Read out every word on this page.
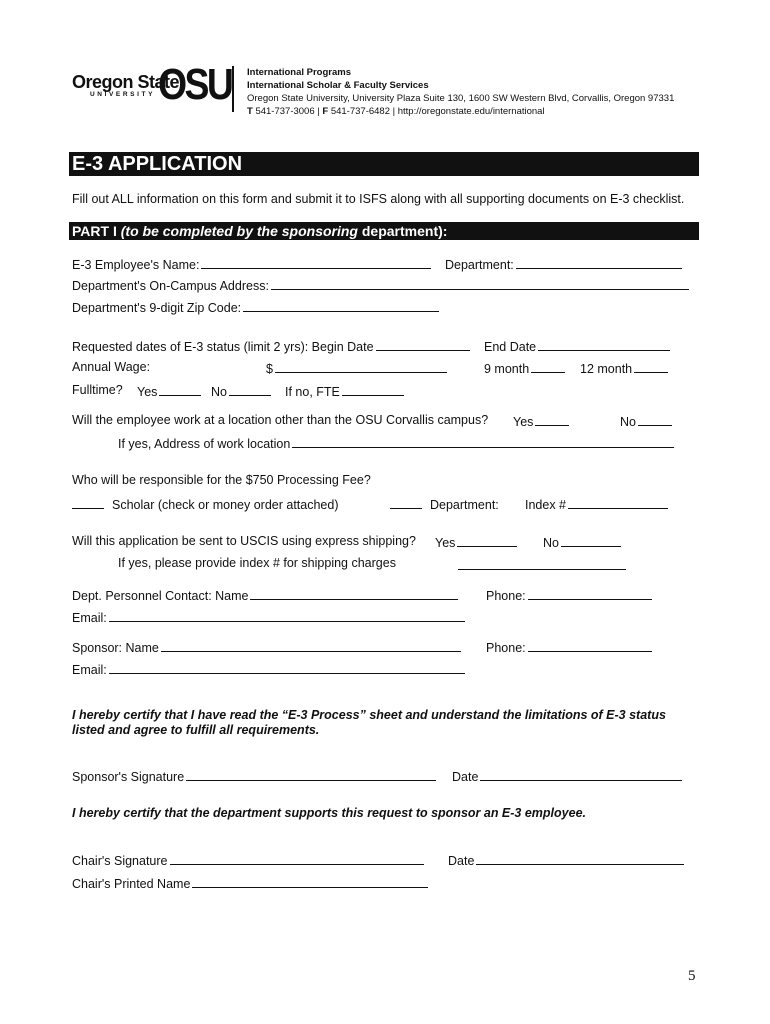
Oregon State
UNIVERSITY OSU International Programs
International Scholar & Faculty Services
Oregon State University, University Plaza Suite 130, 1600 SW Western Blvd, Corvallis, Oregon 97331
T 541-737-3006 | F 541-737-6482 | http://oregonstate.edu/international
E-3 APPLICATION
Fill out ALL information on this form and submit it to ISFS along with all supporting documents on E-3 checklist.
PART I (to be completed by the sponsoring department):
E-3 Employee's Name:	Department:
Department's On-Campus Address:
Department's 9-digit Zip Code:
Requested dates of E-3 status (limit 2 yrs): Begin Date	End Date
Annual Wage:	$	9 month	12 month
Fulltime? Yes	No	If no, FTE
Will the employee work at a location other than the OSU Corvallis campus? Yes	No
If yes, Address of work location
Who will be responsible for the $750 Processing Fee?
Scholar (check or money order attached)	Department: Index #
Will this application be sent to USCIS using express shipping? Yes	No
If yes, please provide index # for shipping charges
Dept. Personnel Contact: Name	Phone:
Email:
Sponsor: Name	Phone:
Email:
I hereby certify that I have read the “E-3 Process” sheet and understand the limitations of E-3 status listed and agree to fulfill all requirements.
Sponsor's Signature	Date
I hereby certify that the department supports this request to sponsor an E-3 employee.
Chair's Signature	Date
Chair's Printed Name
5
